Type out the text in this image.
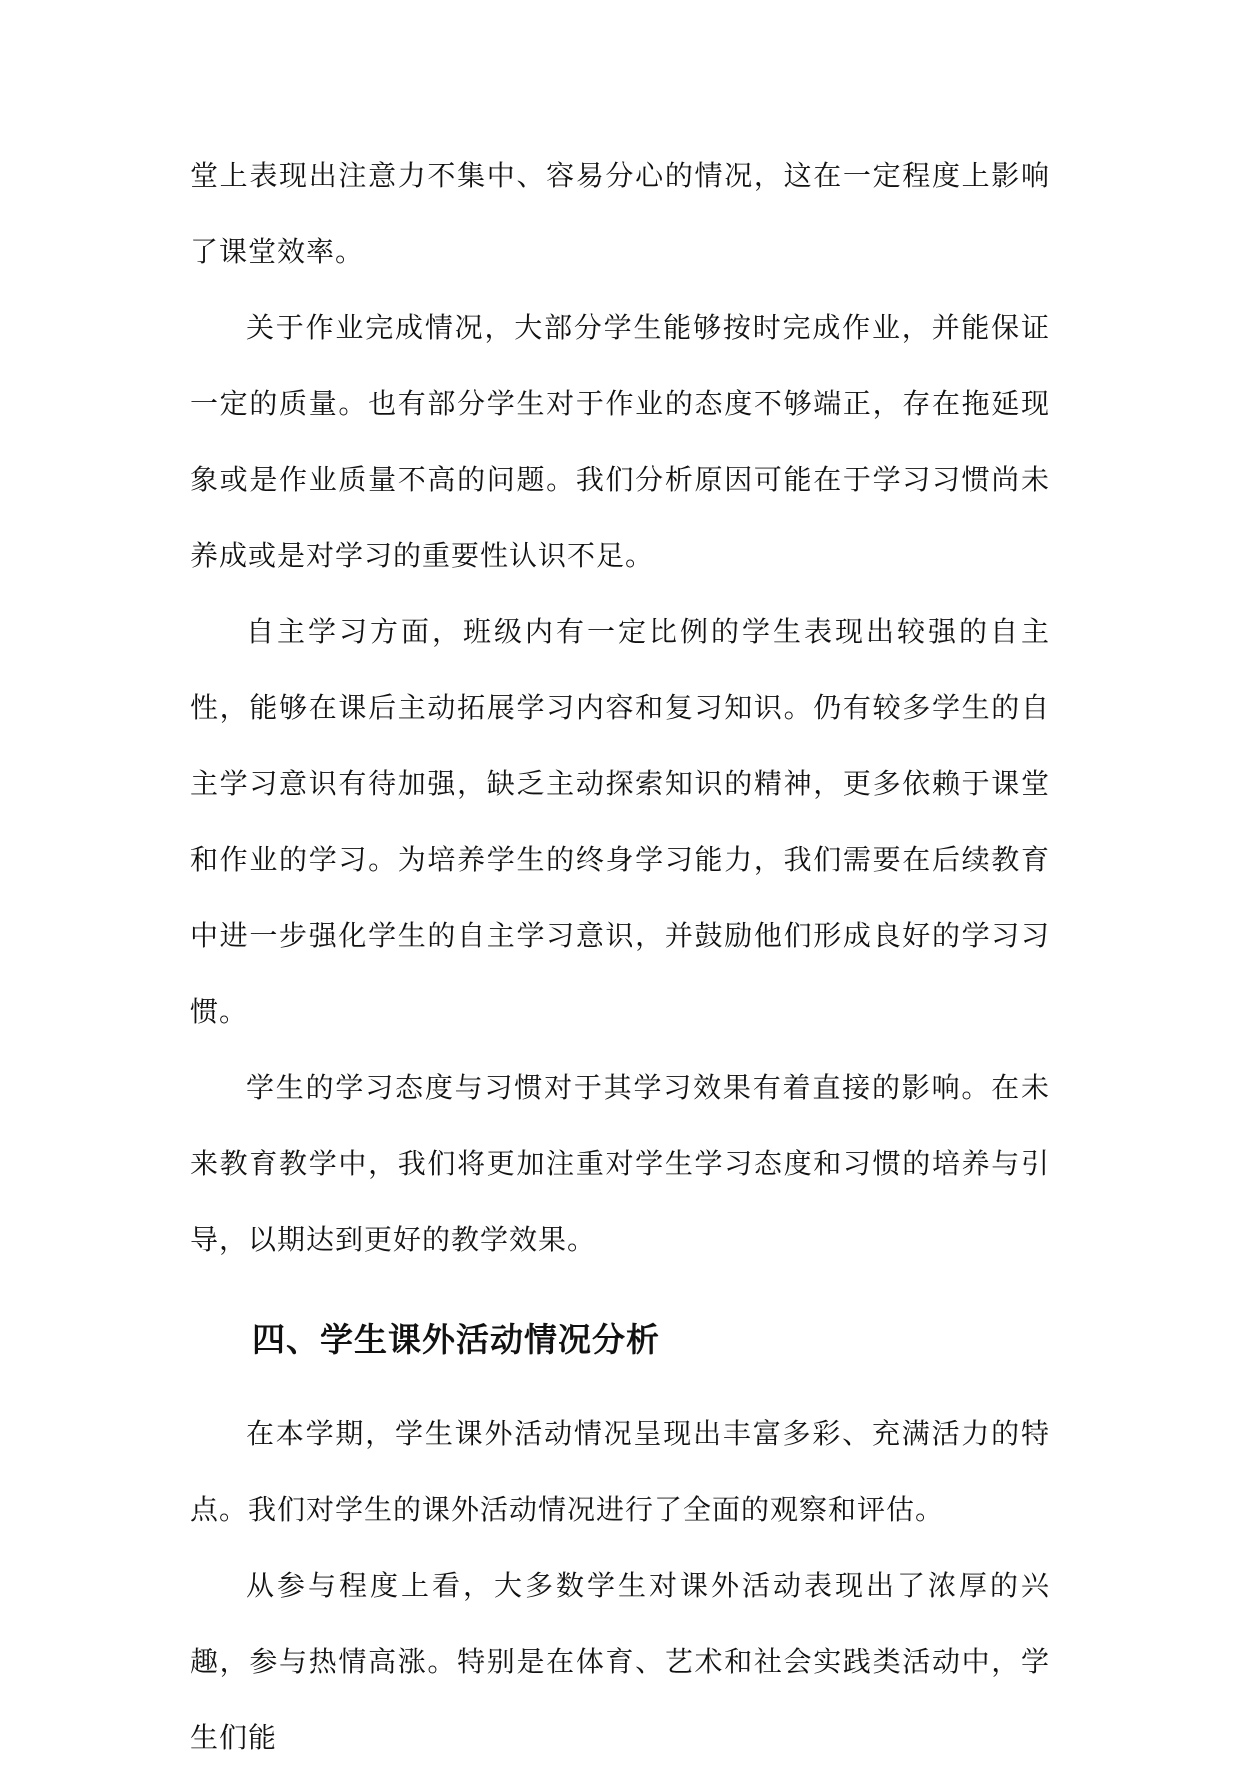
堂上表现出注意力不集中、容易分心的情况，这在一定程度上影响了课堂效率。

关于作业完成情况，大部分学生能够按时完成作业，并能保证一定的质量。也有部分学生对于作业的态度不够端正，存在拖延现象或是作业质量不高的问题。我们分析原因可能在于学习习惯尚未养成或是对学习的重要性认识不足。

自主学习方面，班级内有一定比例的学生表现出较强的自主性，能够在课后主动拓展学习内容和复习知识。仍有较多学生的自主学习意识有待加强，缺乏主动探索知识的精神，更多依赖于课堂和作业的学习。为培养学生的终身学习能力，我们需要在后续教育中进一步强化学生的自主学习意识，并鼓励他们形成良好的学习习惯。

学生的学习态度与习惯对于其学习效果有着直接的影响。在未来教育教学中，我们将更加注重对学生学习态度和习惯的培养与引导，以期达到更好的教学效果。

四、学生课外活动情况分析

在本学期，学生课外活动情况呈现出丰富多彩、充满活力的特点。我们对学生的课外活动情况进行了全面的观察和评估。

从参与程度上看，大多数学生对课外活动表现出了浓厚的兴趣，参与热情高涨。特别是在体育、艺术和社会实践类活动中，学生们能
